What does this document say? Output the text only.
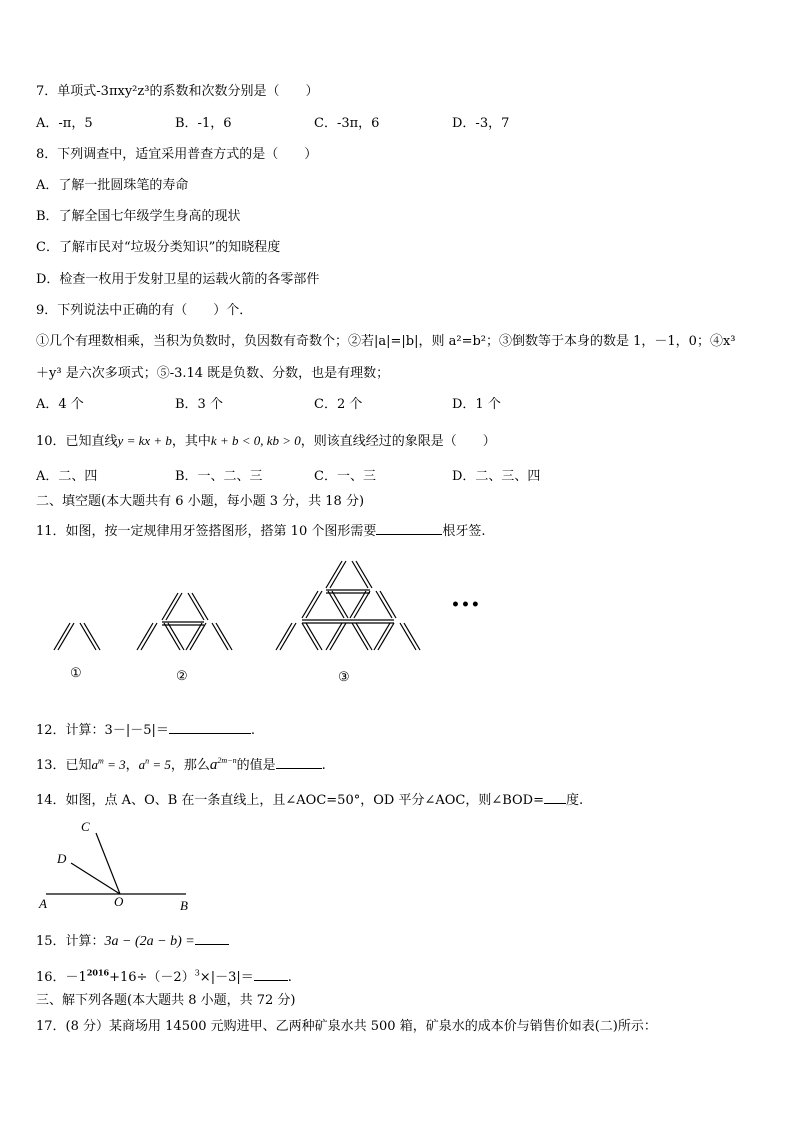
7．单项式-3πxy²z³的系数和次数分别是（　　）
A．-π，5	B．-1，6	C．-3π，6	D．-3，7
8．下列调查中，适宜采用普查方式的是（　　）
A．了解一批圆珠笔的寿命
B．了解全国七年级学生身高的现状
C．了解市民对“垃圾分类知识”的知晓程度
D．检查一枚用于发射卫星的运载火箭的各零部件
9．下列说法中正确的有（　　）个．
①几个有理数相乘，当积为负数时，负因数有奇数个；②若|a|=|b|，则 a²=b²；③倒数等于本身的数是 1，－1，0；④x³
＋y³ 是六次多项式；⑤-3.14 既是负数、分数，也是有理数；
A．4 个	B．3 个	C．2 个	D．1 个
10．已知直线y = kx + b，其中k + b < 0, kb > 0，则该直线经过的象限是（　　）
A．二、四	B．一、二、三	C．一、三	D．二、三、四
二、填空题(本大题共有 6 小题，每小题 3 分，共 18 分)
11．如图，按一定规律用牙签搭图形，搭第 10 个图形需要	根牙签.
①	②	③
•••
12．计算：3－|－5|＝	.
13．已知$a^m = 3$，$a^n = 5$，那么$a^{2m-n}$的值是	.
14．如图，点 A、O、B 在一条直线上，且∠AOC=50°，OD 平分∠AOC，则∠BOD= 度.
C
D
A	O	B
15．计算：3a − (2a − b) =
16．$-1^{2016}+16\div(-2)^3\times|-3|=$	.
三、解下列各题(本大题共 8 小题，共 72 分)
17．(8 分）某商场用 14500 元购进甲、乙两种矿泉水共 500 箱，矿泉水的成本价与销售价如表(二)所示：
